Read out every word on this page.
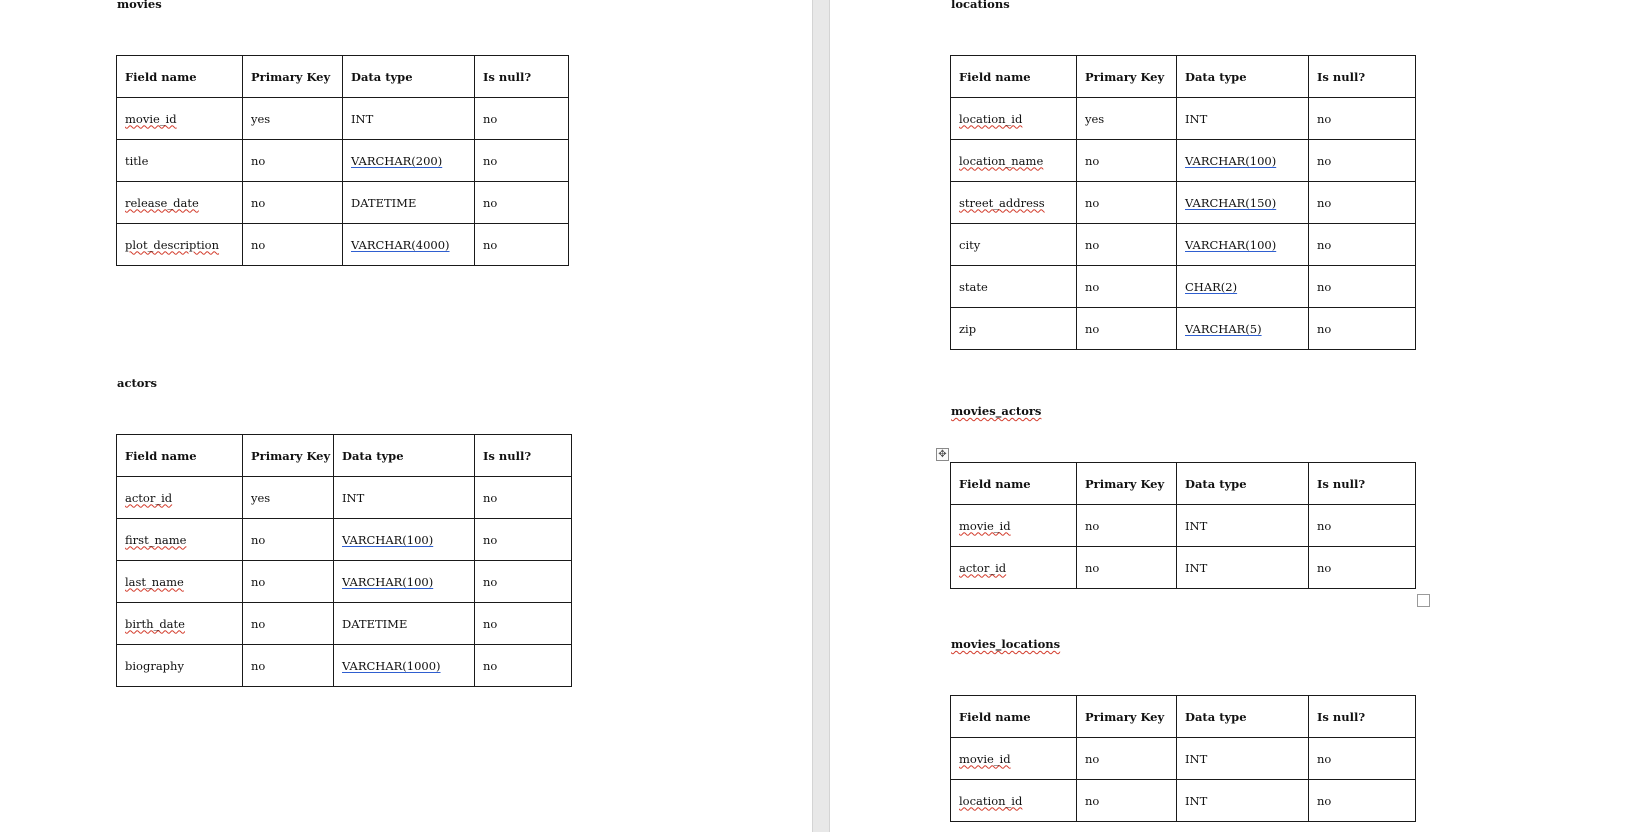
movies
Field name	Primary Key	Data type	Is null?
movie_id	yes	INT	no
title	no	VARCHAR(200)	no
release_date	no	DATETIME	no
plot_description	no	VARCHAR(4000)	no
actors
Field name	Primary Key	Data type	Is null?
actor_id	yes	INT	no
first_name	no	VARCHAR(100)	no
last_name	no	VARCHAR(100)	no
birth_date	no	DATETIME	no
biography	no	VARCHAR(1000)	no
locations
Field name	Primary Key	Data type	Is null?
location_id	yes	INT	no
location_name	no	VARCHAR(100)	no
street_address	no	VARCHAR(150)	no
city	no	VARCHAR(100)	no
state	no	CHAR(2)	no
zip	no	VARCHAR(5)	no
movies_actors
✥
Field name	Primary Key	Data type	Is null?
movie_id	no	INT	no
actor_id	no	INT	no
movies_locations
Field name	Primary Key	Data type	Is null?
movie_id	no	INT	no
location_id	no	INT	no
